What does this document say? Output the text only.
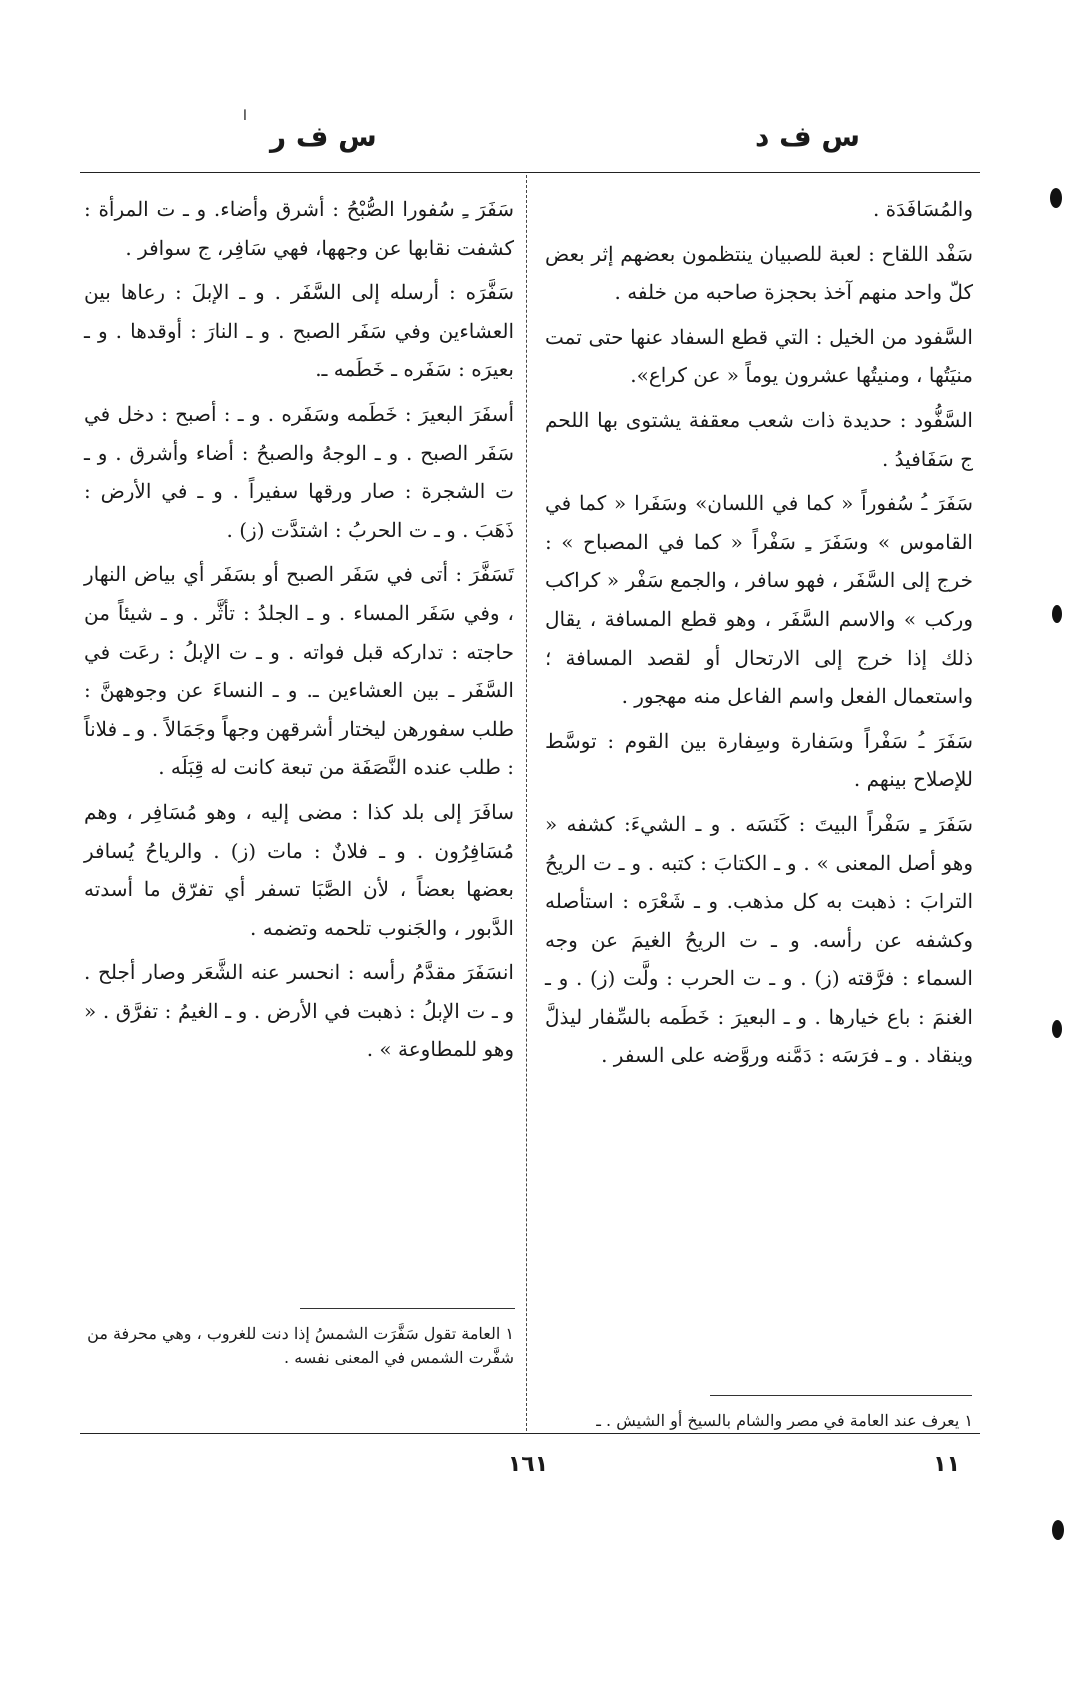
ا
س ف د
س ف ر

والمُسَافَدَة .

سَفْد اللقاح : لعبة للصبيان ينتظمون بعضهم إثر بعض كلّ واحد منهم آخذ بحجزة صاحبه من خلفه .

السَّفود من الخيل : التي قطع السفاد عنها حتى تمت منيَتُها ، ومنيتُها عشرون يوماً « عن كراع».

السَّفُّود : حديدة ذات شعب معقفة يشتوى بها اللحم ج سَفَافيدُ .

سَفَرَ ـُ سُفوراً « كما في اللسان» وسَفَرا « كما في القاموس » وسَفَرَ ـِ سَفْراً « كما في المصباح » : خرج إلى السَّفَر ، فهو سافر ، والجمع سَفْر « كراكب وركب » والاسم السَّفَر ، وهو قطع المسافة ، يقال ذلك إذا خرج إلى الارتحال أو لقصد المسافة ؛ واستعمال الفعل واسم الفاعل منه مهجور .

سَفَرَ ـُ سَفْراً وسَفارة وسِفارة بين القوم : توسَّط للإصلاح بينهم .

سَفَرَ ـِ سَفْراً البيتَ : كَنَسَه . و ـ الشيءَ: كشفه « وهو أصل المعنى » . و ـ الكتابَ : كتبه . و ـ ت الريحُ الترابَ : ذهبت به كل مذهب. و ـ شَعْرَه : استأصله وكشفه عن رأسه. و ـ ت الريحُ الغيمَ عن وجه السماء : فرَّقته (ز) . و ـ ت الحرب : ولَّت (ز) . و ـ الغنمَ : باع خيارها . و ـ البعيرَ : خَطَمه بالسِّفار ليذلَّ وينقاد . و ـ فرَسَه : دَمَّنه وروَّضه على السفر .

سَفَرَ ـِ سُفورا الصُّبْحُ : أشرق وأضاء. و ـ ت المرأة : كشفت نقابها عن وجهها، فهي سَافِر، ج سوافر .

سَفَّرَه : أرسله إلى السَّفَر . و ـ الإبلَ : رعاها بين العشاءين وفي سَفَر الصبح . و ـ النارَ : أوقدها . و ـ بعيرَه : سَفَره ـ خَطَمه ـ.

أسفَرَ البعيرَ : خَطَمه وسَفَره . و ـ : أصبح : دخل في سَفَر الصبح . و ـ الوجهُ والصبحُ : أضاء وأشرق . و ـ ت الشجرة : صار ورقها سفيراً . و ـ في الأرض : ذَهَبَ . و ـ ت الحربُ : اشتدَّت (ز) .

تَسَفَّرَ : أتى في سَفَر الصبح أو بسَفَر أي بياض النهار ، وفي سَفَر المساء . و ـ الجلدُ : تأثَّر . و ـ شيئاً من حاجته : تداركه قبل فواته . و ـ ت الإبلُ : رعَت في السَّفَر ـ بين العشاءين ـ. و ـ النساءَ عن وجوههنَّ : طلب سفورهن ليختار أشرقهن وجهاً وجَمَالاً . و ـ فلاناً : طلب عنده النَّصَفَة من تبعة كانت له قِبَلَه .

سافَرَ إلى بلد كذا : مضى إليه ، وهو مُسَافِر ، وهم مُسَافِرُون . و ـ فلانٌ : مات (ز) . والرياحُ يُسافر بعضها بعضاً ، لأن الصَّبَا تسفر أي تفرّق ما أسدته الدَّبور ، والجَنوب تلحمه وتضمه .

انسَفَرَ مقدَّمُ رأسه : انحسر عنه الشَّعَر وصار أجلح . و ـ ت الإبلُ : ذهبت في الأرض . و ـ الغيمُ : تفرَّق . « وهو للمطاوعة » .

١ العامة تقول سَفَّرَت الشمسُ إذا دنت للغروب ، وهي محرفة من شفَّرت الشمس في المعنى نفسه .
١ يعرف عند العامة في مصر والشام بالسيخ أو الشيش . ـ
١٦١	١١
